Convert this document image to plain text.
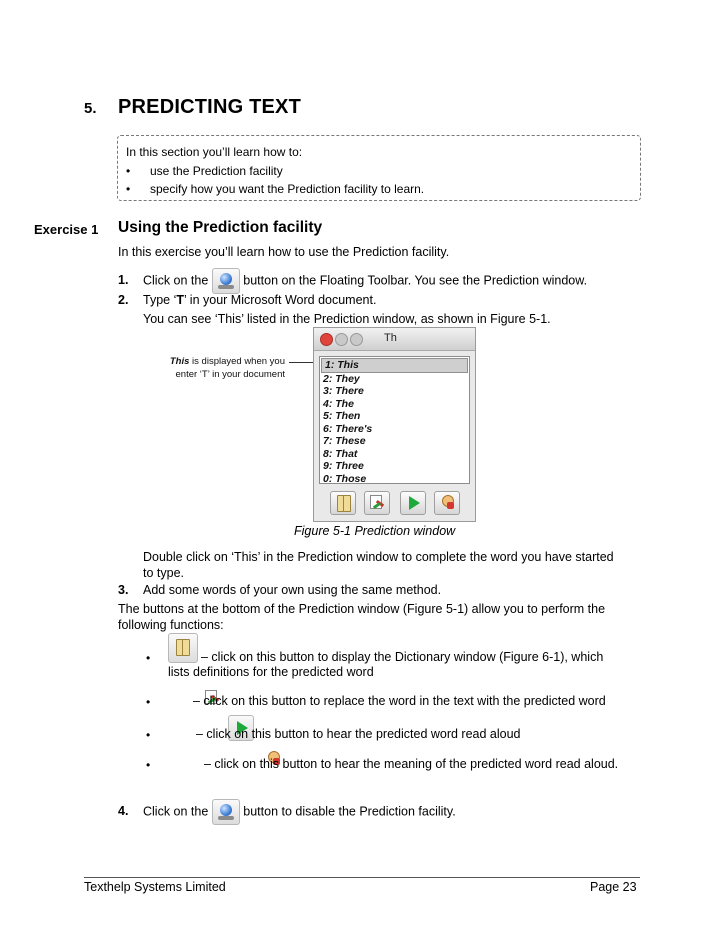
5. PREDICTING TEXT
In this section you’ll learn how to:
• use the Prediction facility
• specify how you want the Prediction facility to learn.
Exercise 1 Using the Prediction facility
In this exercise you’ll learn how to use the Prediction facility.
1. Click on the	button on the Floating Toolbar. You see the Prediction window.
2. Type ‘T’ in your Microsoft Word document.
You can see ‘This’ listed in the Prediction window, as shown in Figure 5-1.
This is displayed when you
enter ‘T’ in your document
Th
1: This
2: They
3: There
4: The
5: Then
6: There's
7: These
8: That
9: Three
0: Those
Figure 5-1 Prediction window
Double click on ‘This’ in the Prediction window to complete the word you have started
to type.
3. Add some words of your own using the same method.
The buttons at the bottom of the Prediction window (Figure 5-1) allow you to perform the
following functions:
•
	– click on this button to display the Dictionary window (Figure 6-1), which
lists definitions for the predicted word
•
	– click on this button to replace the word in the text with the predicted word
•
	– click on this button to hear the predicted word read aloud
•	– click on this button to hear the meaning of the predicted word read aloud.
4. Click on the	button to disable the Prediction facility.
Texthelp Systems Limited	Page 23
